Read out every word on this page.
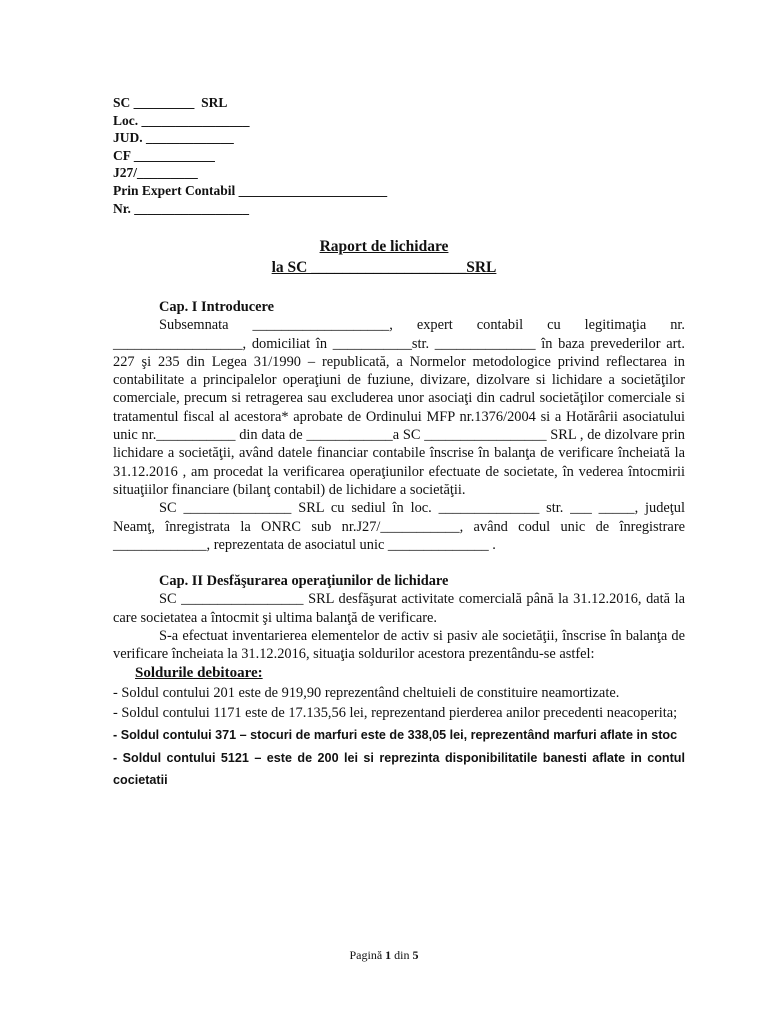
SC _________  SRL
Loc. ________________
JUD. _____________
CF ____________
J27/_________
Prin Expert Contabil ______________________
Nr. _________________
Raport de lichidare
la SC ____________________SRL

Cap. I Introducere

Subsemnata ___________________, expert contabil cu legitimaţia nr. __________________, domiciliat în ___________str. ______________ în baza prevederilor art. 227 şi 235 din Legea 31/1990 – republicată, a Normelor metodologice privind reflectarea in contabilitate a principalelor operaţiuni de fuziune, divizare, dizolvare si lichidare a societăţilor comerciale, precum si retragerea sau excluderea unor asociaţi din cadrul societăţilor comerciale si tratamentul fiscal al acestora* aprobate de Ordinului MFP nr.1376/2004 si a Hotărârii asociatului unic nr.___________ din data de ____________a SC _________________ SRL , de dizolvare prin lichidare a societăţii, având datele financiar contabile înscrise în balanţa de verificare încheiată la 31.12.2016 , am procedat la verificarea operaţiunilor efectuate de societate, în vederea întocmirii situaţiilor financiare (bilanţ contabil) de lichidare a societăţii.

SC _______________ SRL cu sediul în loc. ______________ str. ___ _____, judeţul Neamţ, înregistrata la ONRC sub nr.J27/___________, având codul unic de înregistrare _____________, reprezentata de asociatul unic ______________ .

Cap. II Desfăşurarea operaţiunilor de lichidare

SC _________________ SRL desfăşurat activitate comercială până la 31.12.2016, dată la care societatea a întocmit şi ultima balanţă de verificare.

S-a efectuat inventarierea elementelor de activ si pasiv ale societăţii, înscrise în balanţa de verificare încheiata la 31.12.2016, situaţia soldurilor acestora prezentându-se astfel:

Soldurile debitoare:

- Soldul contului 201 este de 919,90 reprezentând cheltuieli de constituire neamortizate.

- Soldul contului 1171 este de 17.135,56 lei, reprezentand pierderea anilor precedenti neacoperita;

- Soldul contului 371 – stocuri de marfuri este de 338,05 lei, reprezentând marfuri aflate in stoc

- Soldul contului 5121 – este de 200 lei si reprezinta disponibilitatile banesti aflate in contul cocietatii

Pagină 1 din 5
